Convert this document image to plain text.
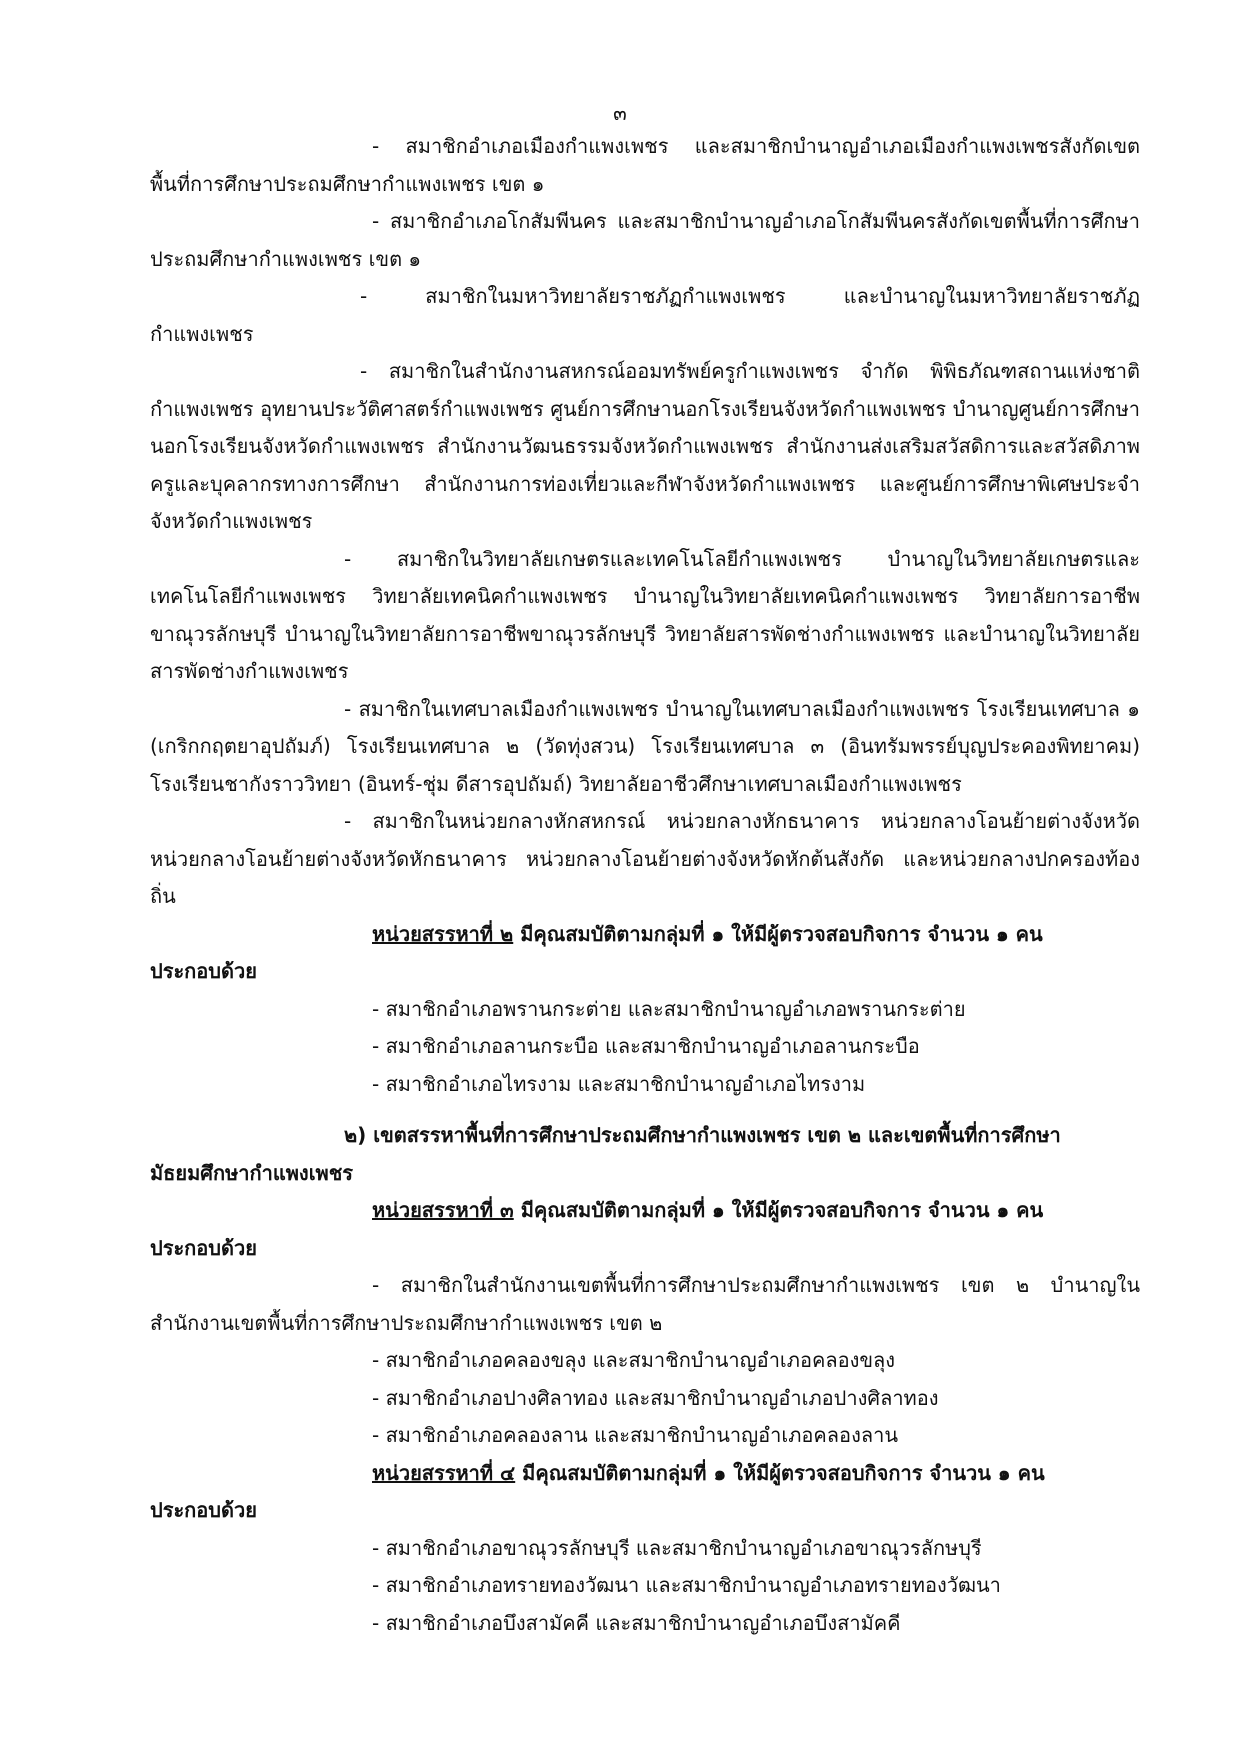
๓

- สมาชิกอำเภอเมืองกำแพงเพชร และสมาชิกบำนาญอำเภอเมืองกำแพงเพชรสังกัดเขตพื้นที่การศึกษาประถมศึกษากำแพงเพชร เขต ๑

- สมาชิกอำเภอโกสัมพีนคร และสมาชิกบำนาญอำเภอโกสัมพีนครสังกัดเขตพื้นที่การศึกษาประถมศึกษากำแพงเพชร เขต ๑

- สมาชิกในมหาวิทยาลัยราชภัฏกำแพงเพชร และบำนาญในมหาวิทยาลัยราชภัฏกำแพงเพชร

- สมาชิกในสำนักงานสหกรณ์ออมทรัพย์ครูกำแพงเพชร จำกัด พิพิธภัณฑสถานแห่งชาติกำแพงเพชร อุทยานประวัติศาสตร์กำแพงเพชร ศูนย์การศึกษานอกโรงเรียนจังหวัดกำแพงเพชร บำนาญศูนย์การศึกษานอกโรงเรียนจังหวัดกำแพงเพชร สำนักงานวัฒนธรรมจังหวัดกำแพงเพชร สำนักงานส่งเสริมสวัสดิการและสวัสดิภาพครูและบุคลากรทางการศึกษา สำนักงานการท่องเที่ยวและกีฬาจังหวัดกำแพงเพชร และศูนย์การศึกษาพิเศษประจำจังหวัดกำแพงเพชร

- สมาชิกในวิทยาลัยเกษตรและเทคโนโลยีกำแพงเพชร บำนาญในวิทยาลัยเกษตรและเทคโนโลยีกำแพงเพชร วิทยาลัยเทคนิคกำแพงเพชร บำนาญในวิทยาลัยเทคนิคกำแพงเพชร วิทยาลัยการอาชีพขาณุวรลักษบุรี บำนาญในวิทยาลัยการอาชีพขาณุวรลักษบุรี วิทยาลัยสารพัดช่างกำแพงเพชร และบำนาญในวิทยาลัยสารพัดช่างกำแพงเพชร

- สมาชิกในเทศบาลเมืองกำแพงเพชร บำนาญในเทศบาลเมืองกำแพงเพชร โรงเรียนเทศบาล ๑ (เกริกกฤตยาอุปถัมภ์) โรงเรียนเทศบาล ๒ (วัดทุ่งสวน) โรงเรียนเทศบาล ๓ (อินทรัมพรรย์บุญประคองพิทยาคม) โรงเรียนชากังราววิทยา (อินทร์-ชุ่ม ดีสารอุปถัมถ์) วิทยาลัยอาชีวศึกษาเทศบาลเมืองกำแพงเพชร

- สมาชิกในหน่วยกลางหักสหกรณ์ หน่วยกลางหักธนาคาร หน่วยกลางโอนย้ายต่างจังหวัด หน่วยกลางโอนย้ายต่างจังหวัดหักธนาคาร หน่วยกลางโอนย้ายต่างจังหวัดหักต้นสังกัด และหน่วยกลางปกครองท้องถิ่น

หน่วยสรรหาที่ ๒ มีคุณสมบัติตามกลุ่มที่ ๑ ให้มีผู้ตรวจสอบกิจการ จำนวน ๑ คน

ประกอบด้วย

- สมาชิกอำเภอพรานกระต่าย และสมาชิกบำนาญอำเภอพรานกระต่าย

- สมาชิกอำเภอลานกระบือ และสมาชิกบำนาญอำเภอลานกระบือ

- สมาชิกอำเภอไทรงาม และสมาชิกบำนาญอำเภอไทรงาม

๒) เขตสรรหาพื้นที่การศึกษาประถมศึกษากำแพงเพชร เขต ๒ และเขตพื้นที่การศึกษามัธยมศึกษากำแพงเพชร

หน่วยสรรหาที่ ๓ มีคุณสมบัติตามกลุ่มที่ ๑ ให้มีผู้ตรวจสอบกิจการ จำนวน ๑ คน

ประกอบด้วย

- สมาชิกในสำนักงานเขตพื้นที่การศึกษาประถมศึกษากำแพงเพชร เขต ๒ บำนาญในสำนักงานเขตพื้นที่การศึกษาประถมศึกษากำแพงเพชร เขต ๒

- สมาชิกอำเภอคลองขลุง และสมาชิกบำนาญอำเภอคลองขลุง

- สมาชิกอำเภอปางศิลาทอง และสมาชิกบำนาญอำเภอปางศิลาทอง

- สมาชิกอำเภอคลองลาน และสมาชิกบำนาญอำเภอคลองลาน

หน่วยสรรหาที่ ๔ มีคุณสมบัติตามกลุ่มที่ ๑ ให้มีผู้ตรวจสอบกิจการ จำนวน ๑ คน

ประกอบด้วย

- สมาชิกอำเภอขาณุวรลักษบุรี และสมาชิกบำนาญอำเภอขาณุวรลักษบุรี

- สมาชิกอำเภอทรายทองวัฒนา และสมาชิกบำนาญอำเภอทรายทองวัฒนา

- สมาชิกอำเภอบึงสามัคคี และสมาชิกบำนาญอำเภอบึงสามัคคี
